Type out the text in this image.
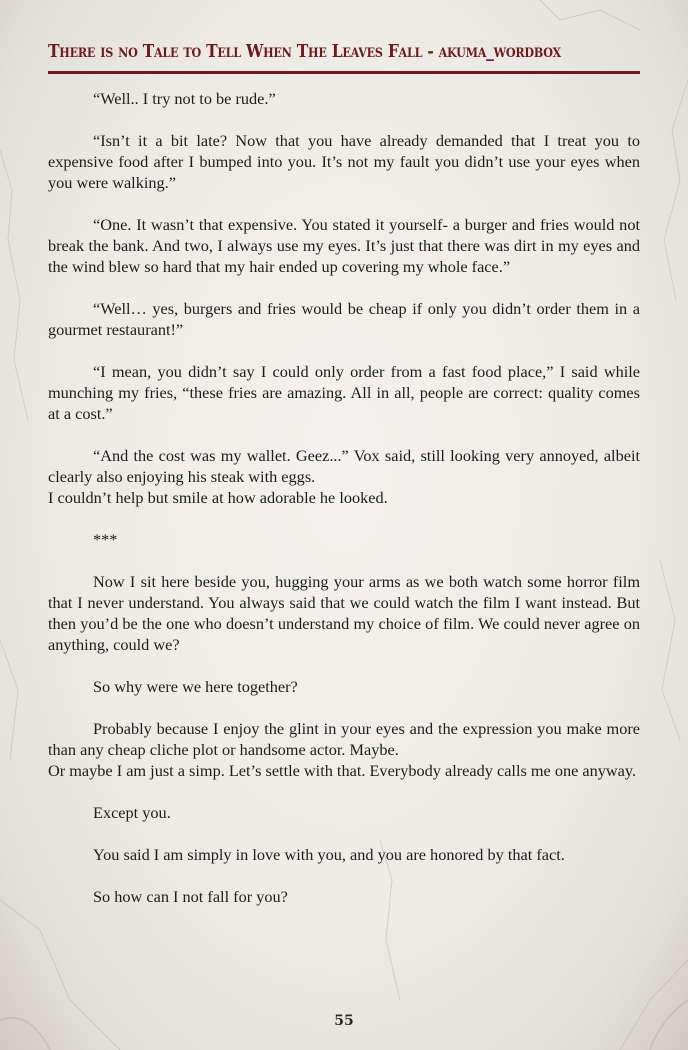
There is no Tale to Tell When The Leaves Fall - akuma_wordbox

“Well.. I try not to be rude.”

“Isn’t it a bit late? Now that you have already demanded that I treat you to expensive food after I bumped into you. It’s not my fault you didn’t use your eyes when you were walking.”

“One. It wasn’t that expensive. You stated it yourself- a burger and fries would not break the bank. And two, I always use my eyes. It’s just that there was dirt in my eyes and the wind blew so hard that my hair ended up covering my whole face.”

“Well… yes, burgers and fries would be cheap if only you didn’t order them in a gourmet restaurant!”

“I mean, you didn’t say I could only order from a fast food place,” I said while munching my fries, “these fries are amazing. All in all, people are correct: quality comes at a cost.”

“And the cost was my wallet. Geez...” Vox said, still looking very annoyed, albeit clearly also enjoying his steak with eggs.

I couldn’t help but smile at how adorable he looked.

***

Now I sit here beside you, hugging your arms as we both watch some horror film that I never understand. You always said that we could watch the film I want instead. But then you’d be the one who doesn’t understand my choice of film. We could never agree on anything, could we?

So why were we here together?

Probably because I enjoy the glint in your eyes and the expression you make more than any cheap cliche plot or handsome actor. Maybe.

Or maybe I am just a simp. Let’s settle with that. Everybody already calls me one anyway.

Except you.

You said I am simply in love with you, and you are honored by that fact.

So how can I not fall for you?

55
